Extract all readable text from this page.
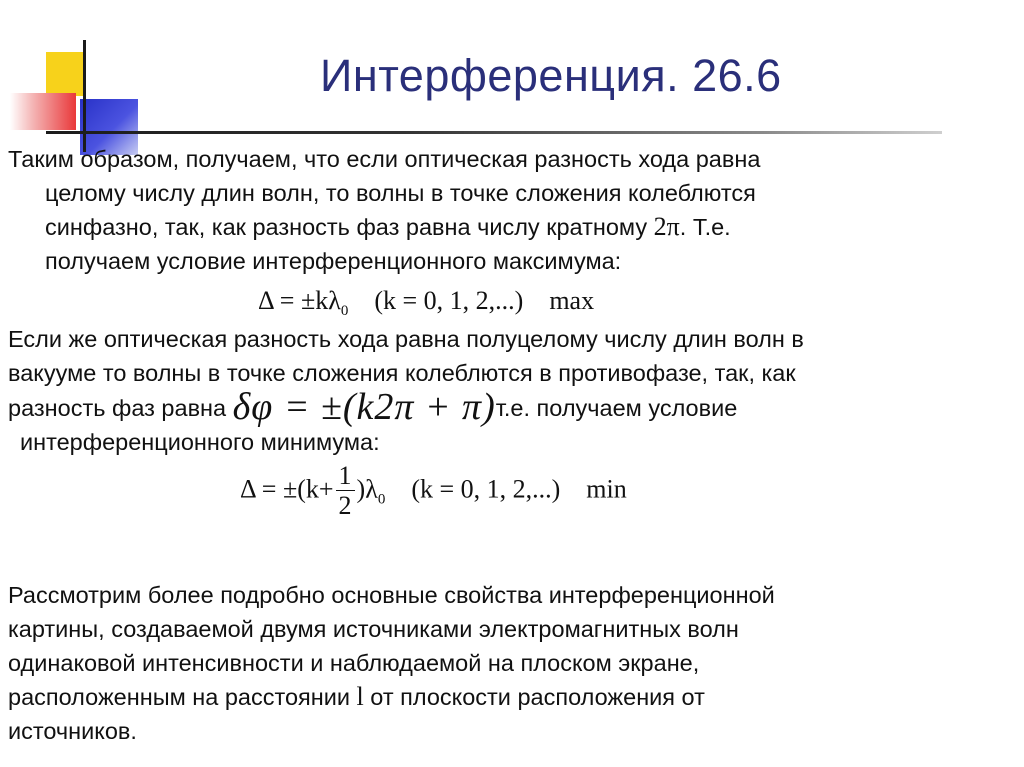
Интерференция. 26.6

Таким образом, получаем, что если оптическая разность хода равна
целому числу длин волн, то волны в точке сложения колеблются
синфазно, так, как разность фаз равна числу кратному 2π. Т.е.
получаем условие интерференционного максимума:

$\Delta = \pm k\lambda_0$ (k = 0, 1, 2,...) max

Если же оптическая разность хода равна полуцелому числу длин волн в
вакууме то волны в точке сложения колеблются в противофазе, так, как
разность фаз равна δφ = ±(k2π + π)т.е. получаем условие
интерференционного минимума:

$\Delta = \pm(k+ \frac{1}{2} )\lambda_0$ (k = 0, 1, 2,...) min

Рассмотрим более подробно основные свойства интерференционной
картины, создаваемой двумя источниками электромагнитных волн
одинаковой интенсивности и наблюдаемой на плоском экране,
расположенным на расстоянии l от плоскости расположения от
источников.
